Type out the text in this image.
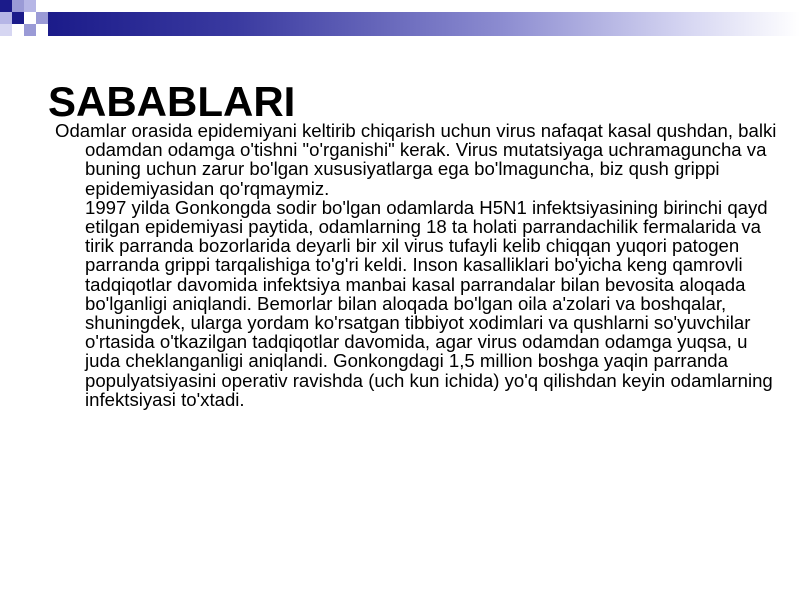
SABABLARI

Odamlar orasida epidemiyani keltirib chiqarish uchun virus nafaqat kasal qushdan, balki odamdan odamga o'tishni "o'rganishi" kerak. Virus mutatsiyaga uchramaguncha va buning uchun zarur bo'lgan xususiyatlarga ega bo'lmaguncha, biz qush grippi epidemiyasidan qo'rqmaymiz.

1997 yilda Gonkongda sodir bo'lgan odamlarda H5N1 infektsiyasining birinchi qayd etilgan epidemiyasi paytida, odamlarning 18 ta holati parrandachilik fermalarida va tirik parranda bozorlarida deyarli bir xil virus tufayli kelib chiqqan yuqori patogen parranda grippi tarqalishiga to'g'ri keldi. Inson kasalliklari bo'yicha keng qamrovli tadqiqotlar davomida infektsiya manbai kasal parrandalar bilan bevosita aloqada bo'lganligi aniqlandi. Bemorlar bilan aloqada bo'lgan oila a'zolari va boshqalar, shuningdek, ularga yordam ko'rsatgan tibbiyot xodimlari va qushlarni so'yuvchilar o'rtasida o'tkazilgan tadqiqotlar davomida, agar virus odamdan odamga yuqsa, u juda cheklanganligi aniqlandi. Gonkongdagi 1,5 million boshga yaqin parranda populyatsiyasini operativ ravishda (uch kun ichida) yo'q qilishdan keyin odamlarning infektsiyasi to'xtadi.
